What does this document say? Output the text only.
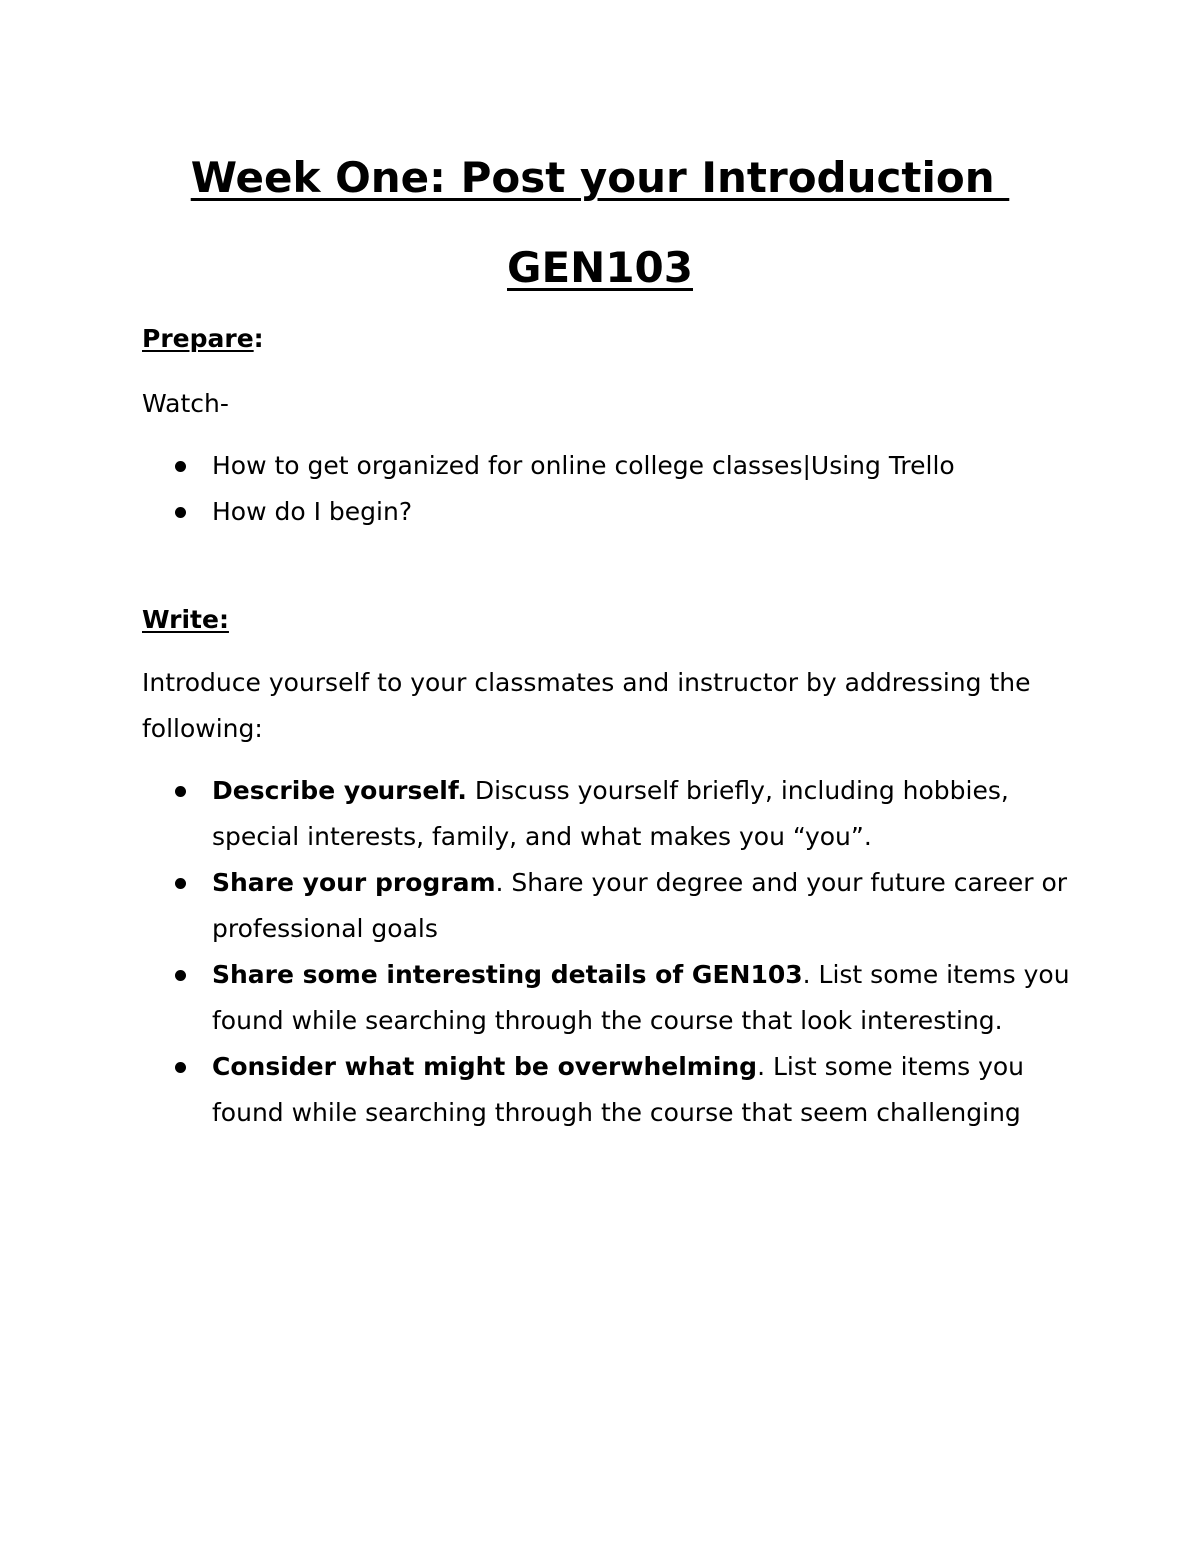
Week One: Post your Introduction
GEN103

Prepare:

Watch-

How to get organized for online college classes|Using Trello
How do I begin?

Write:

Introduce yourself to your classmates and instructor by addressing the following:

Describe yourself. Discuss yourself briefly, including hobbies, special interests, family, and what makes you “you”.
Share your program. Share your degree and your future career or professional goals
Share some interesting details of GEN103. List some items you found while searching through the course that look interesting.
Consider what might be overwhelming. List some items you found while searching through the course that seem challenging
